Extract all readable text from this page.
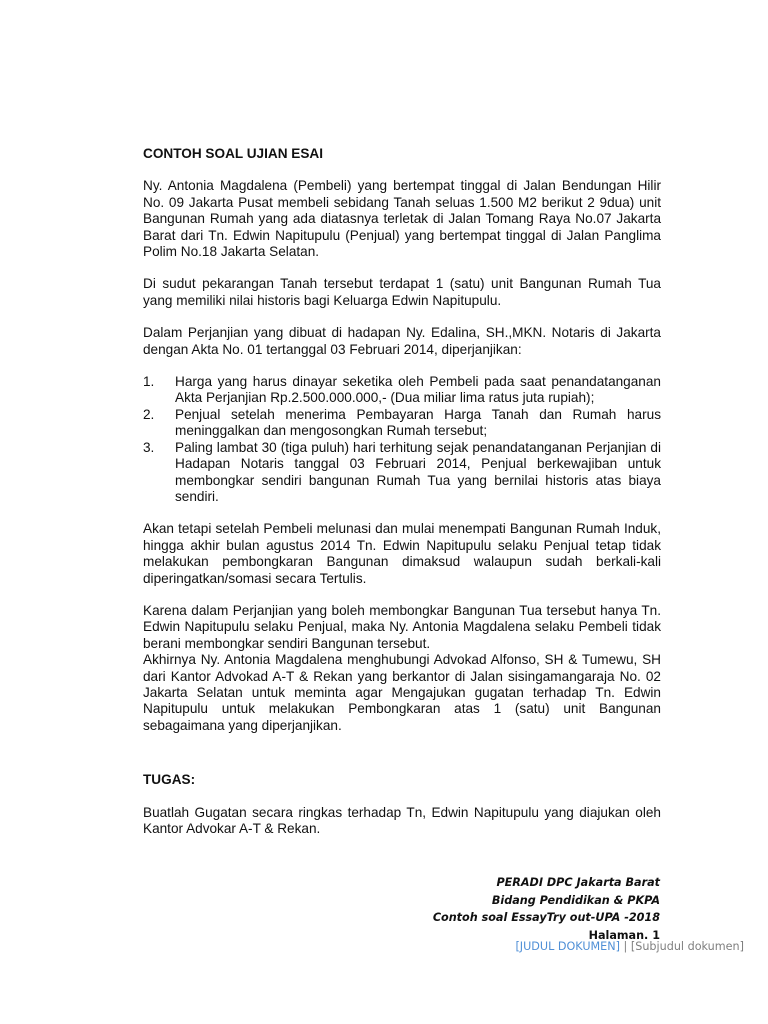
CONTOH SOAL UJIAN ESAI

Ny. Antonia Magdalena (Pembeli) yang bertempat tinggal di Jalan Bendungan Hilir No. 09 Jakarta Pusat membeli sebidang Tanah seluas 1.500 M2 berikut 2 9dua) unit Bangunan Rumah yang ada diatasnya terletak di Jalan Tomang Raya No.07 Jakarta Barat dari Tn. Edwin Napitupulu (Penjual) yang bertempat tinggal di Jalan Panglima Polim No.18 Jakarta Selatan.

Di sudut pekarangan Tanah tersebut terdapat 1 (satu) unit Bangunan Rumah Tua yang memiliki nilai historis bagi Keluarga Edwin Napitupulu.

Dalam Perjanjian yang dibuat di hadapan Ny. Edalina, SH.,MKN. Notaris di Jakarta dengan Akta No. 01 tertanggal 03 Februari 2014, diperjanjikan:

1. Harga yang harus dinayar seketika oleh Pembeli pada saat penandatanganan Akta Perjanjian Rp.2.500.000.000,- (Dua miliar lima ratus juta rupiah);
2. Penjual setelah menerima Pembayaran Harga Tanah dan Rumah harus meninggalkan dan mengosongkan Rumah tersebut;
3. Paling lambat 30 (tiga puluh) hari terhitung sejak penandatanganan Perjanjian di Hadapan Notaris tanggal 03 Februari 2014, Penjual berkewajiban untuk membongkar sendiri bangunan Rumah Tua yang bernilai historis atas biaya sendiri.

Akan tetapi setelah Pembeli melunasi dan mulai menempati Bangunan Rumah Induk, hingga akhir bulan agustus 2014 Tn. Edwin Napitupulu selaku Penjual tetap tidak melakukan pembongkaran Bangunan dimaksud walaupun sudah berkali-kali diperingatkan/somasi secara Tertulis.

Karena dalam Perjanjian yang boleh membongkar Bangunan Tua tersebut hanya Tn. Edwin Napitupulu selaku Penjual, maka Ny. Antonia Magdalena selaku Pembeli tidak berani membongkar sendiri Bangunan tersebut.

Akhirnya Ny. Antonia Magdalena menghubungi Advokad Alfonso, SH & Tumewu, SH dari Kantor Advokad A-T & Rekan yang berkantor di Jalan sisingamangaraja No. 02 Jakarta Selatan untuk meminta agar Mengajukan gugatan terhadap Tn. Edwin Napitupulu untuk melakukan Pembongkaran atas 1 (satu) unit Bangunan sebagaimana yang diperjanjikan.

TUGAS:

Buatlah Gugatan secara ringkas terhadap Tn, Edwin Napitupulu yang diajukan oleh Kantor Advokar A-T & Rekan.

PERADI DPC Jakarta Barat
Bidang Pendidikan & PKPA
Contoh soal EssayTry out-UPA -2018
Halaman. 1
[JUDUL DOKUMEN] | [Subjudul dokumen]
